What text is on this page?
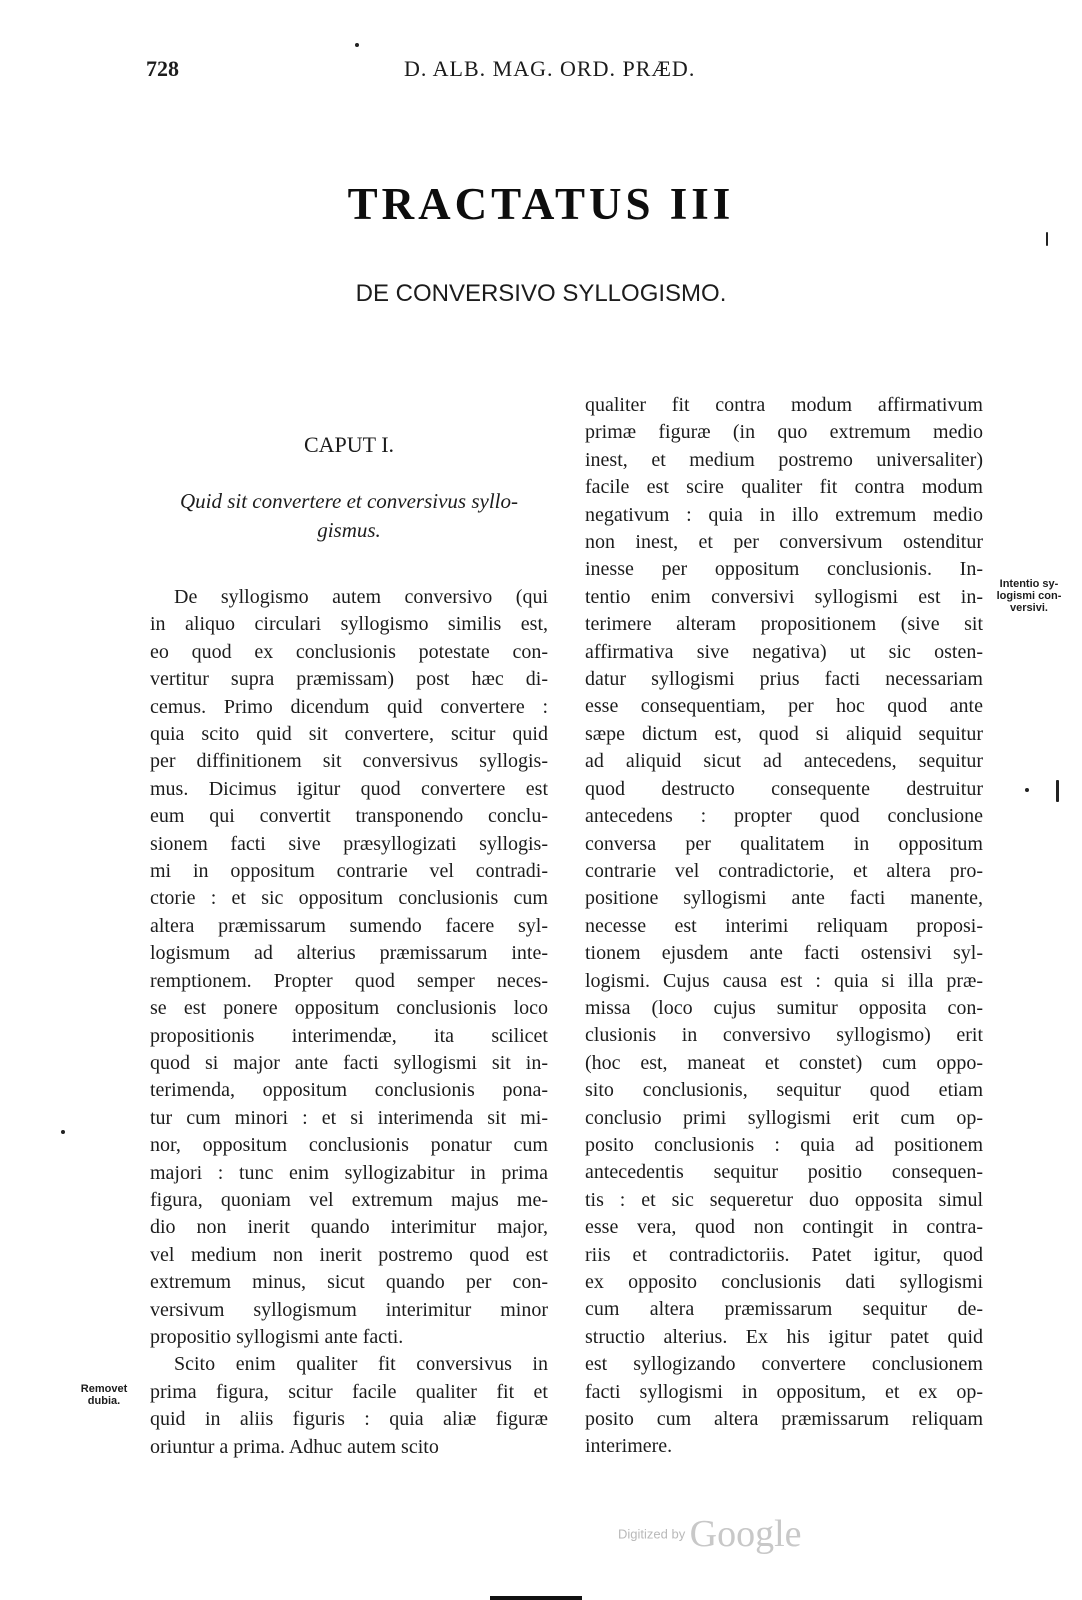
728	D. ALB. MAG. ORD. PRÆD.
TRACTATUS III
DE CONVERSIVO SYLLOGISMO.
CAPUT I.
Quid sit convertere et conversivus syllo-
gismus.
De syllogismo autem conversivo (qui
in aliquo circulari syllogismo similis est,
eo quod ex conclusionis potestate con-
vertitur supra præmissam) post hæc di-
cemus. Primo dicendum quid convertere :
quia scito quid sit convertere, scitur quid
per diffinitionem sit conversivus syllogis-
mus. Dicimus igitur quod convertere est
eum qui convertit transponendo conclu-
sionem facti sive præsyllogizati syllogis-
mi in oppositum contrarie vel contradi-
ctorie : et sic oppositum conclusionis cum
altera præmissarum sumendo facere syl-
logismum ad alterius præmissarum inte-
remptionem. Propter quod semper neces-
se est ponere oppositum conclusionis loco
propositionis interimendæ, ita scilicet
quod si major ante facti syllogismi sit in-
terimenda, oppositum conclusionis pona-
tur cum minori : et si interimenda sit mi-
nor, oppositum conclusionis ponatur cum
majori : tunc enim syllogizabitur in prima
figura, quoniam vel extremum majus me-
dio non inerit quando interimitur major,
vel medium non inerit postremo quod est
extremum minus, sicut quando per con-
versivum syllogismum interimitur minor
propositio syllogismi ante facti.
Scito enim qualiter fit conversivus in
prima figura, scitur facile qualiter fit et
quid in aliis figuris : quia aliæ figuræ
oriuntur a prima. Adhuc autem scito
qualiter fit contra modum affirmativum
primæ figuræ (in quo extremum medio
inest, et medium postremo universaliter)
facile est scire qualiter fit contra modum
negativum : quia in illo extremum medio
non inest, et per conversivum ostenditur
inesse per oppositum conclusionis. In-
tentio enim conversivi syllogismi est in-
terimere alteram propositionem (sive sit
affirmativa sive negativa) ut sic osten-
datur syllogismi prius facti necessariam
esse consequentiam, per hoc quod ante
sæpe dictum est, quod si aliquid sequitur
ad aliquid sicut ad antecedens, sequitur
quod destructo consequente destruitur
antecedens : propter quod conclusione
conversa per qualitatem in oppositum
contrarie vel contradictorie, et altera pro-
positione syllogismi ante facti manente,
necesse est interimi reliquam proposi-
tionem ejusdem ante facti ostensivi syl-
logismi. Cujus causa est : quia si illa præ-
missa (loco cujus sumitur opposita con-
clusionis in conversivo syllogismo) erit
(hoc est, maneat et constet) cum oppo-
sito conclusionis, sequitur quod etiam
conclusio primi syllogismi erit cum op-
posito conclusionis : quia ad positionem
antecedentis sequitur positio consequen-
tis : et sic sequeretur duo opposita simul
esse vera, quod non contingit in contra-
riis et contradictoriis. Patet igitur, quod
ex opposito conclusionis dati syllogismi
cum altera præmissarum sequitur de-
structio alterius. Ex his igitur patet quid
est syllogizando convertere conclusionem
facti syllogismi in oppositum, et ex op-
posito cum altera præmissarum reliquam
interimere.
Removet
dubia.
Intentio sy-
logismi con-
versivi.
Digitized by Google
